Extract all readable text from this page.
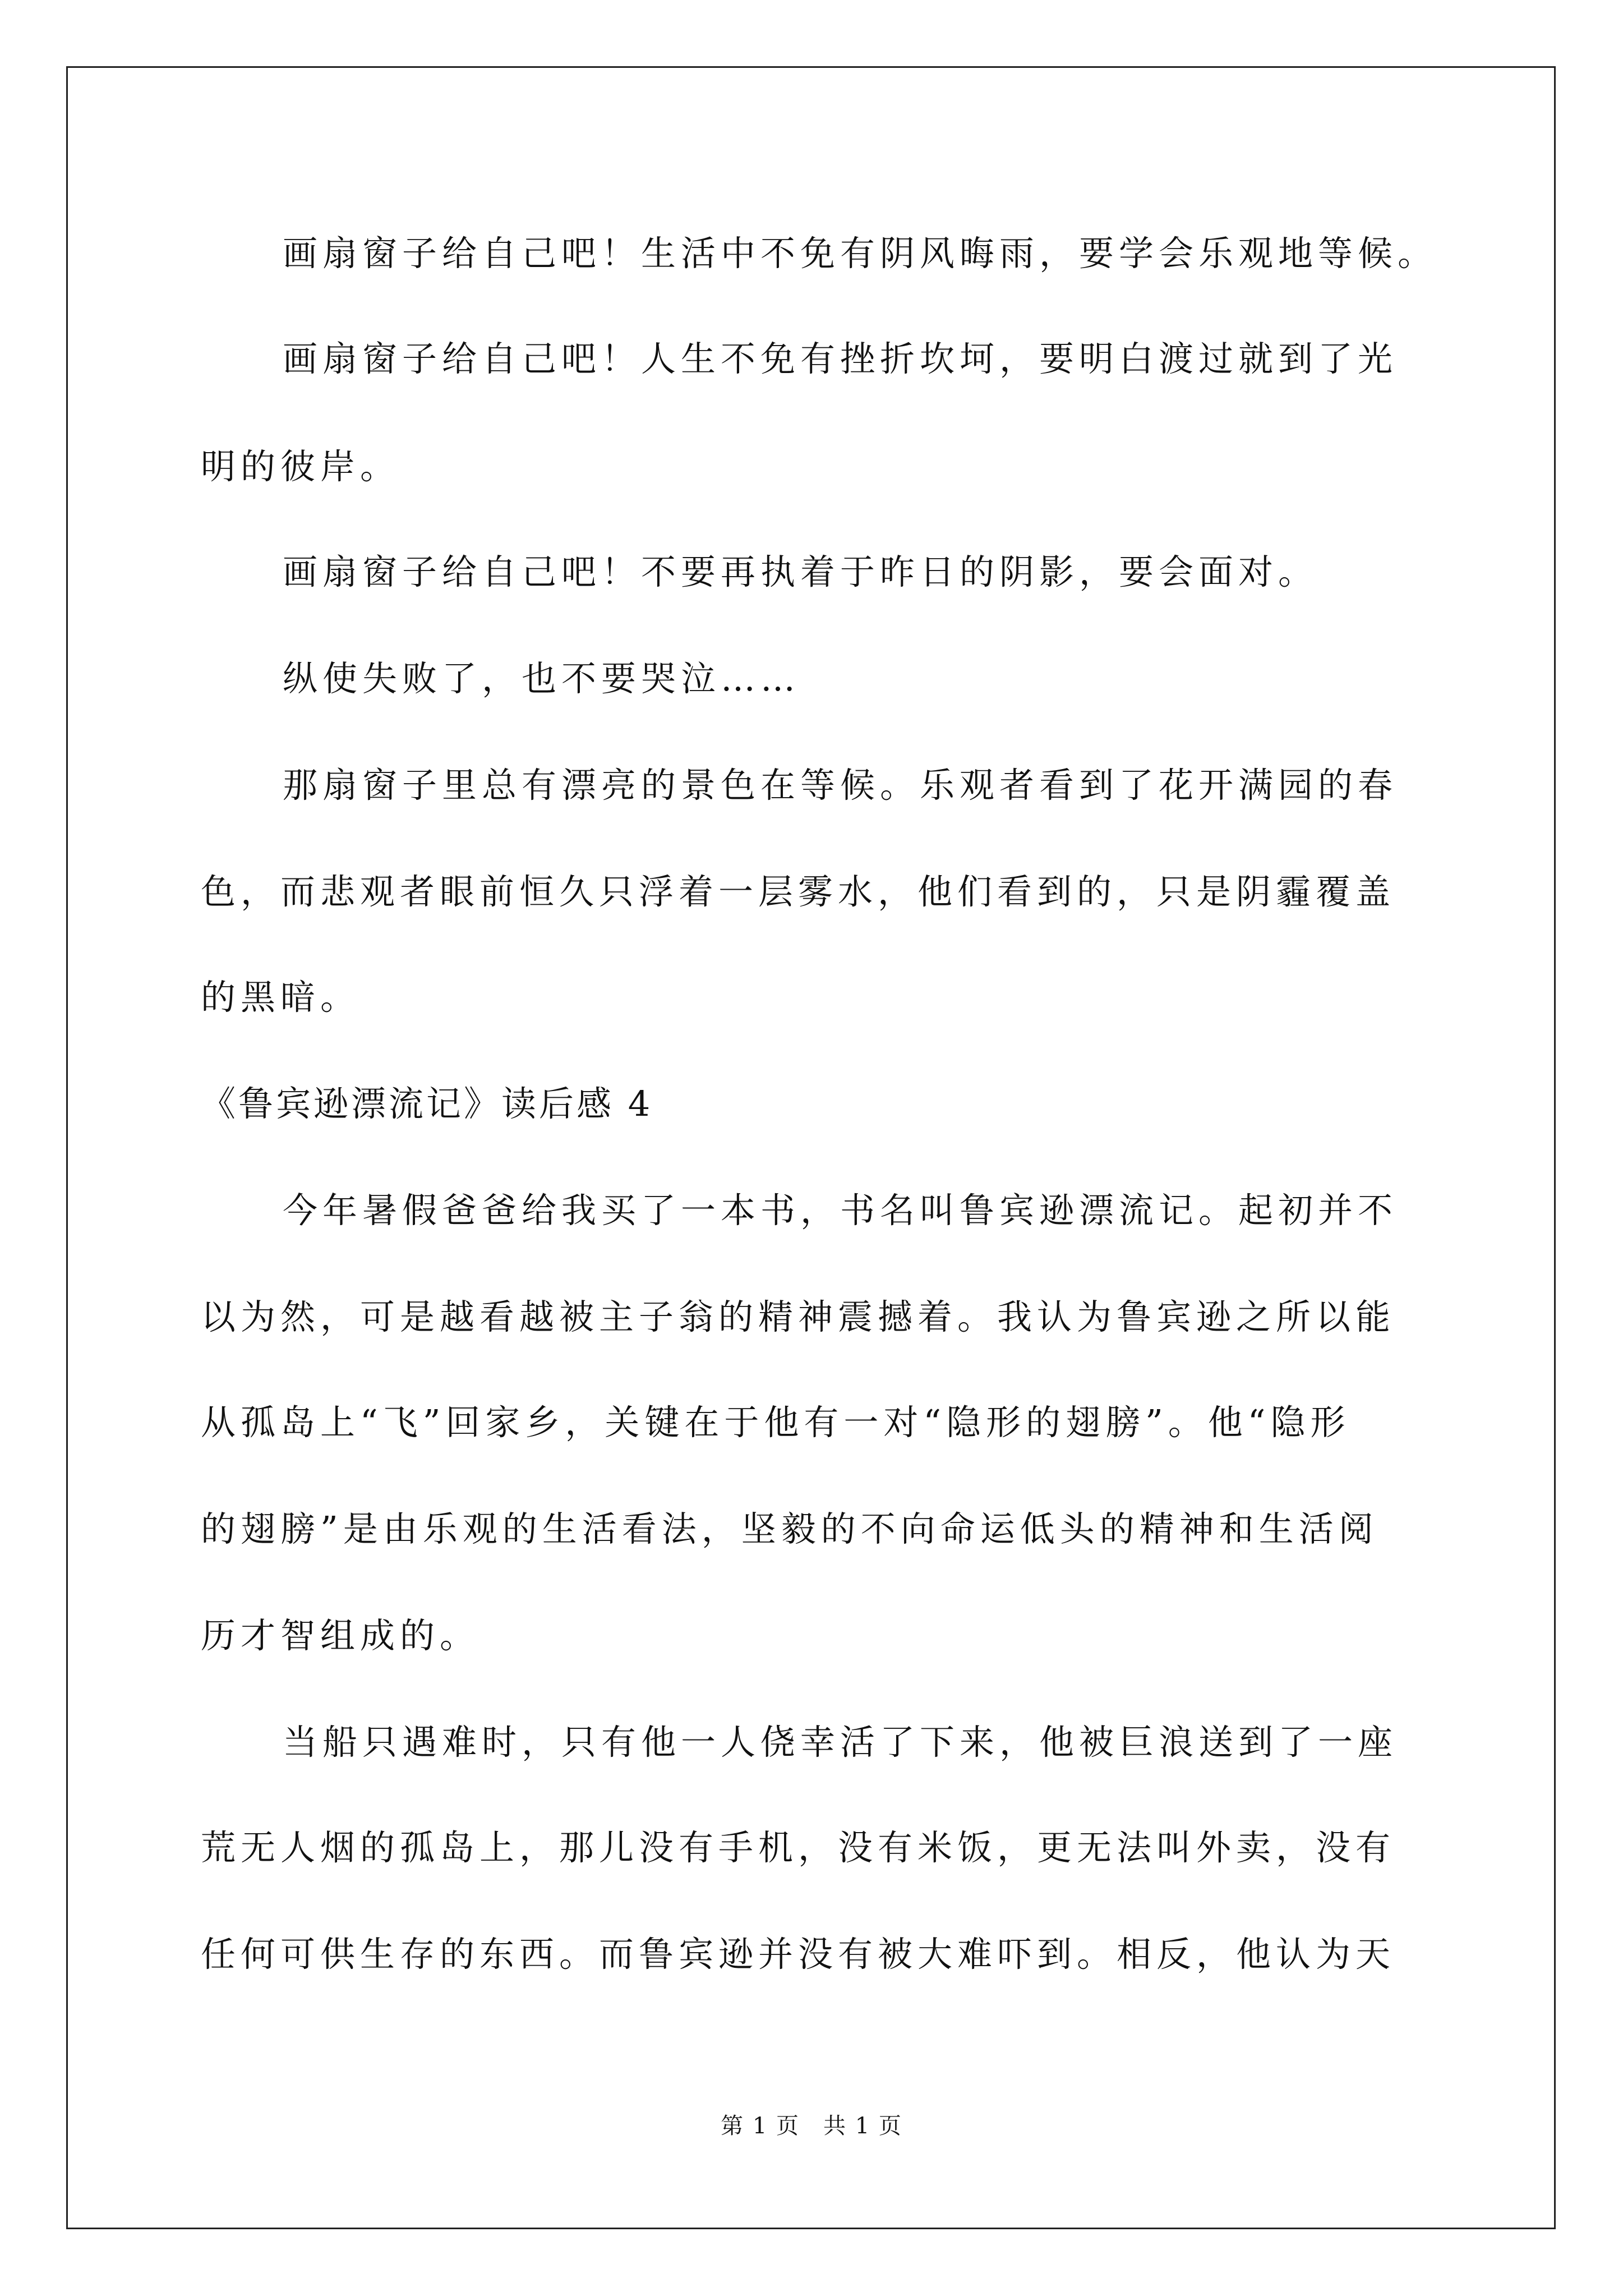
画扇窗子给自己吧！生活中不免有阴风晦雨，要学会乐观地等候。
画扇窗子给自己吧！人生不免有挫折坎坷，要明白渡过就到了光
明的彼岸。
画扇窗子给自己吧！不要再执着于昨日的阴影，要会面对。
纵使失败了，也不要哭泣……
那扇窗子里总有漂亮的景色在等候。乐观者看到了花开满园的春
色，而悲观者眼前恒久只浮着一层雾水，他们看到的，只是阴霾覆盖
的黑暗。
《鲁宾逊漂流记》读后感 4
今年暑假爸爸给我买了一本书，书名叫鲁宾逊漂流记。起初并不
以为然，可是越看越被主子翁的精神震撼着。我认为鲁宾逊之所以能
从孤岛上“飞”回家乡，关键在于他有一对“隐形的翅膀”。他“隐形
的翅膀”是由乐观的生活看法，坚毅的不向命运低头的精神和生活阅
历才智组成的。
当船只遇难时，只有他一人侥幸活了下来，他被巨浪送到了一座
荒无人烟的孤岛上，那儿没有手机，没有米饭，更无法叫外卖，没有
任何可供生存的东西。而鲁宾逊并没有被大难吓到。相反，他认为天
第 1 页　共 1 页
